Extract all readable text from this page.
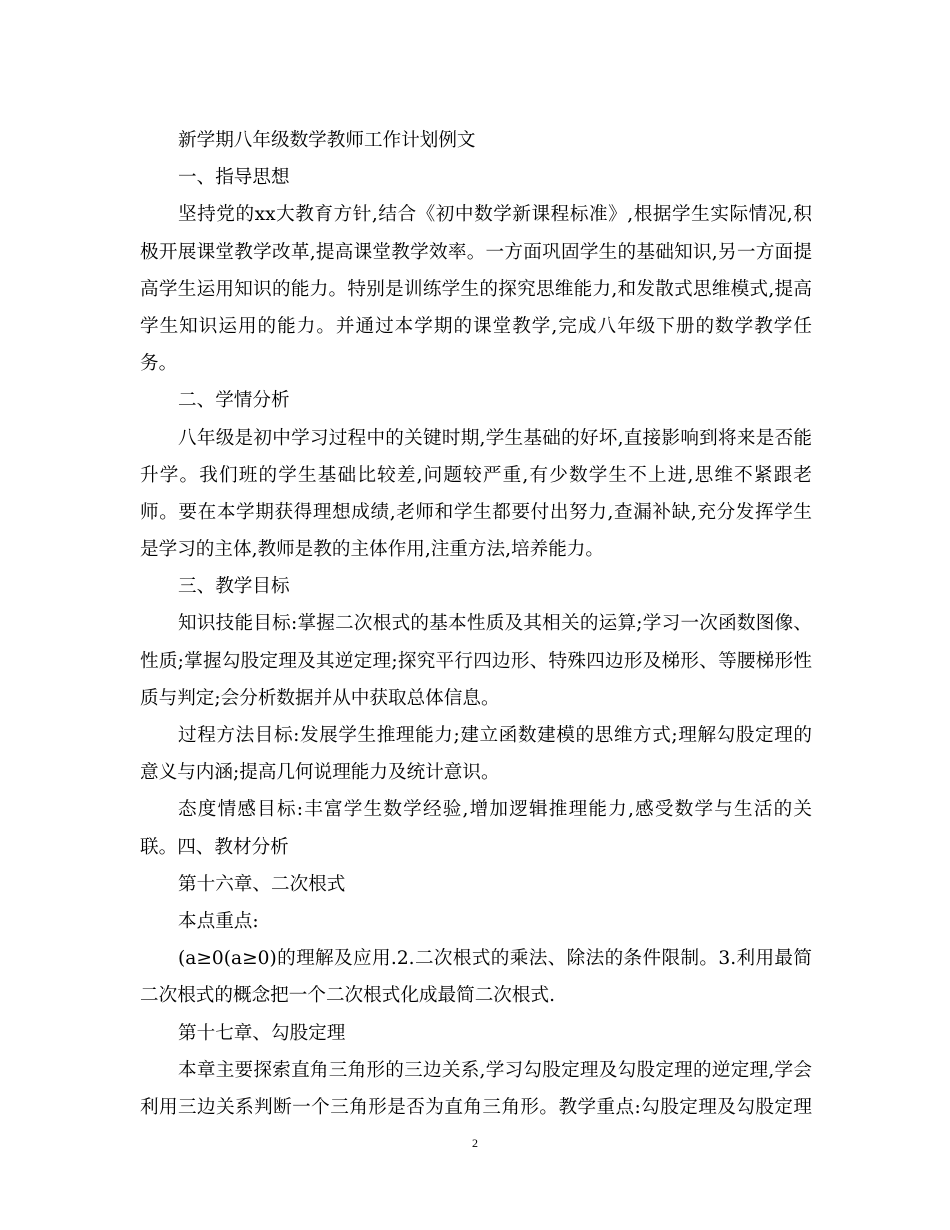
新学期八年级数学教师工作计划例文
一、指导思想
坚持党的xx大教育方针,结合《初中数学新课程标准》,根据学生实际情况,积
极开展课堂教学改革,提高课堂教学效率。一方面巩固学生的基础知识,另一方面提
高学生运用知识的能力。特别是训练学生的探究思维能力,和发散式思维模式,提高
学生知识运用的能力。并通过本学期的课堂教学,完成八年级下册的数学教学任
务。
二、学情分析
八年级是初中学习过程中的关键时期,学生基础的好坏,直接影响到将来是否能
升学。我们班的学生基础比较差,问题较严重,有少数学生不上进,思维不紧跟老
师。要在本学期获得理想成绩,老师和学生都要付出努力,查漏补缺,充分发挥学生
是学习的主体,教师是教的主体作用,注重方法,培养能力。
三、教学目标
知识技能目标:掌握二次根式的基本性质及其相关的运算;学习一次函数图像、
性质;掌握勾股定理及其逆定理;探究平行四边形、特殊四边形及梯形、等腰梯形性
质与判定;会分析数据并从中获取总体信息。
过程方法目标:发展学生推理能力;建立函数建模的思维方式;理解勾股定理的
意义与内涵;提高几何说理能力及统计意识。
态度情感目标:丰富学生数学经验,增加逻辑推理能力,感受数学与生活的关
联。四、教材分析
第十六章、二次根式
本点重点:
(a≥0(a≥0)的理解及应用.2.二次根式的乘法、除法的条件限制。3.利用最简
二次根式的概念把一个二次根式化成最简二次根式.
第十七章、勾股定理
本章主要探索直角三角形的三边关系,学习勾股定理及勾股定理的逆定理,学会
利用三边关系判断一个三角形是否为直角三角形。教学重点:勾股定理及勾股定理
2
